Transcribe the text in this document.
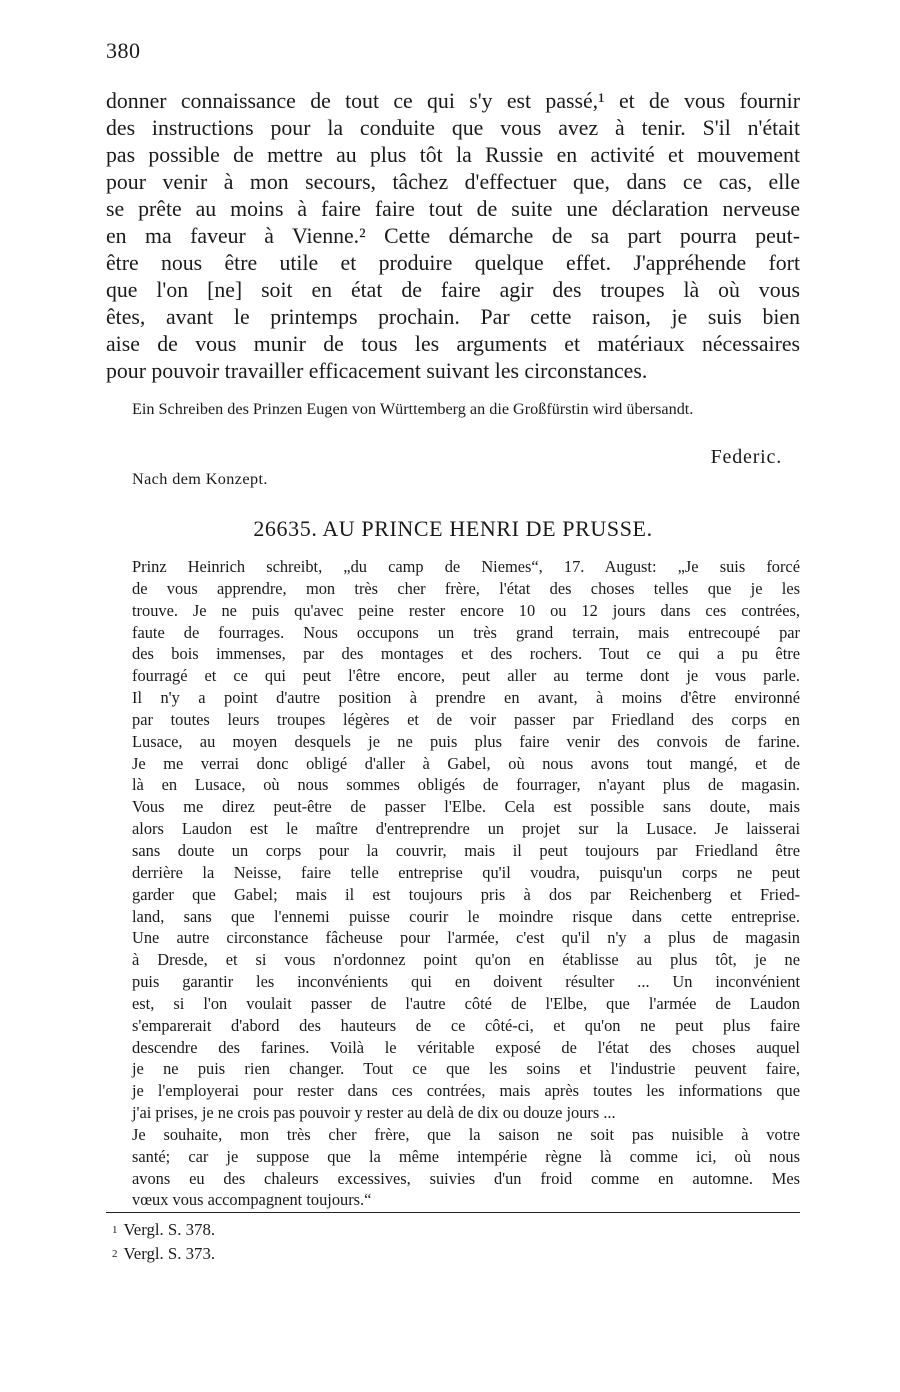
380
donner connaissance de tout ce qui s'y est passé,¹ et de vous fournir
des instructions pour la conduite que vous avez à tenir. S'il n'était
pas possible de mettre au plus tôt la Russie en activité et mouvement
pour venir à mon secours, tâchez d'effectuer que, dans ce cas, elle
se prête au moins à faire faire tout de suite une déclaration nerveuse
en ma faveur à Vienne.² Cette démarche de sa part pourra peut-
être nous être utile et produire quelque effet. J'appréhende fort
que l'on [ne] soit en état de faire agir des troupes là où vous
êtes, avant le printemps prochain. Par cette raison, je suis bien
aise de vous munir de tous les arguments et matériaux nécessaires
pour pouvoir travailler efficacement suivant les circonstances.

Ein Schreiben des Prinzen Eugen von Württemberg an die Großfürstin wird übersandt.

Federic.
Nach dem Konzept.
26635. AU PRINCE HENRI DE PRUSSE.

Prinz Heinrich schreibt, „du camp de Niemes“, 17. August: „Je suis forcé
de vous apprendre, mon très cher frère, l'état des choses telles que je les
trouve. Je ne puis qu'avec peine rester encore 10 ou 12 jours dans ces contrées,
faute de fourrages. Nous occupons un très grand terrain, mais entrecoupé par
des bois immenses, par des montages et des rochers. Tout ce qui a pu être
fourragé et ce qui peut l'être encore, peut aller au terme dont je vous parle.
Il n'y a point d'autre position à prendre en avant, à moins d'être environné
par toutes leurs troupes légères et de voir passer par Friedland des corps en
Lusace, au moyen desquels je ne puis plus faire venir des convois de farine.
Je me verrai donc obligé d'aller à Gabel, où nous avons tout mangé, et de
là en Lusace, où nous sommes obligés de fourrager, n'ayant plus de magasin.
Vous me direz peut-être de passer l'Elbe. Cela est possible sans doute, mais
alors Laudon est le maître d'entreprendre un projet sur la Lusace. Je laisserai
sans doute un corps pour la couvrir, mais il peut toujours par Friedland être
derrière la Neisse, faire telle entreprise qu'il voudra, puisqu'un corps ne peut
garder que Gabel; mais il est toujours pris à dos par Reichenberg et Fried-
land, sans que l'ennemi puisse courir le moindre risque dans cette entreprise.
Une autre circonstance fâcheuse pour l'armée, c'est qu'il n'y a plus de magasin
à Dresde, et si vous n'ordonnez point qu'on en établisse au plus tôt, je ne
puis garantir les inconvénients qui en doivent résulter ... Un inconvénient
est, si l'on voulait passer de l'autre côté de l'Elbe, que l'armée de Laudon
s'emparerait d'abord des hauteurs de ce côté-ci, et qu'on ne peut plus faire
descendre des farines. Voilà le véritable exposé de l'état des choses auquel
je ne puis rien changer. Tout ce que les soins et l'industrie peuvent faire,
je l'employerai pour rester dans ces contrées, mais après toutes les informations que
j'ai prises, je ne crois pas pouvoir y rester au delà de dix ou douze jours ...

Je souhaite, mon très cher frère, que la saison ne soit pas nuisible à votre
santé; car je suppose que la même intempérie règne là comme ici, où nous
avons eu des chaleurs excessives, suivies d'un froid comme en automne. Mes
vœux vous accompagnent toujours.“

$^1$ Vergl. S. 378.
$^2$ Vergl. S. 373.
